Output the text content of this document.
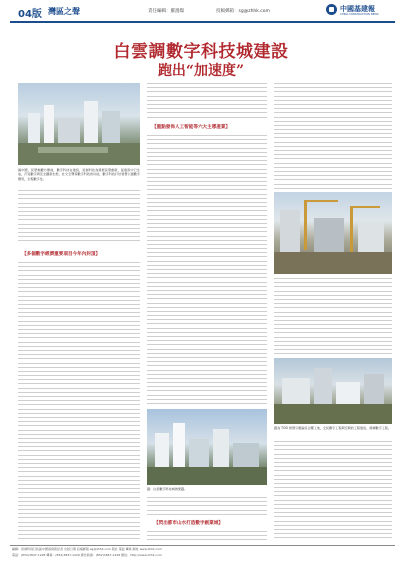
04版 灣區之聲	責任編輯：羅鴻燦	投稿郵箱：sg@zhhk.com	中國基建報
CHINA CONSTRUCTION NEWS
白雲調數字科技城建設
跑出“加速度”
據中國，民眾參觀方便前，數字科技在建設，雲創科技為發展民眾創新，從建設中已生成，打造數字與及全鏈新生態，社交全覽等數字科技的功能，數字科技打好智慧公園數字應用，全程數字化。
【多個數字經濟重要項目今年內封頂】
【重點發佈人工智能等六大主導產業】
圖：白雲數字科技城效果圖。
【閃出都市山水打造數字創業城】
圖為 TOD 智慧示範區綜合體工地，全民數字工程與空間的工程建設，發揮數字工程。
編輯：香港特別行政區中國基建報記者 出版日期 投稿郵箱 sg@zhhk.com 報社 電話 傳真 網址 www.zhhk.com
電話：(852)3847-1228 傳真：(852)3847-1229 廣告熱線：(852)3847-1228 網址：http://www.zhhk.com
